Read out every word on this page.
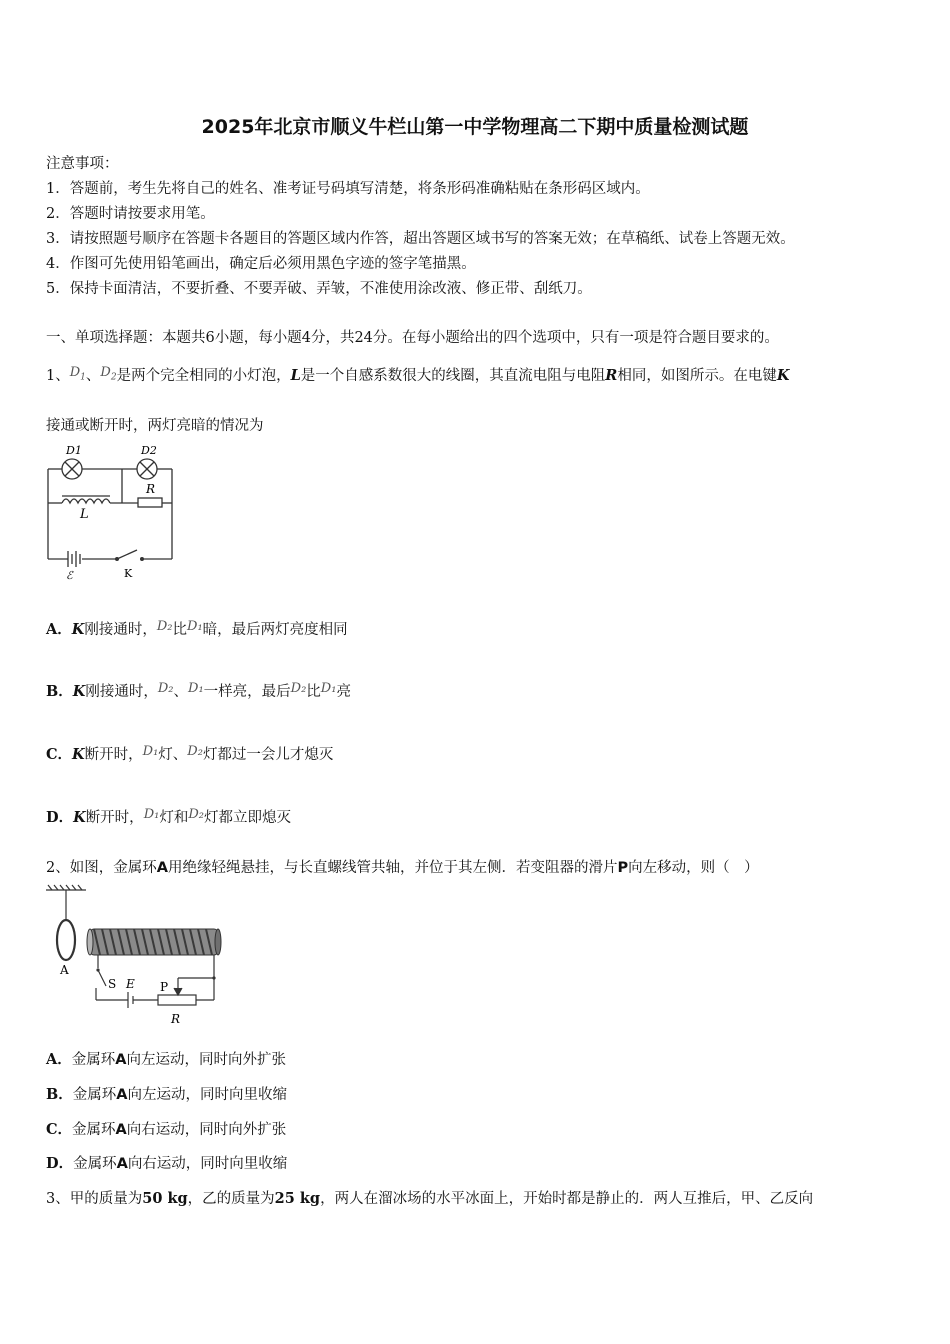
2025年北京市顺义牛栏山第一中学物理高二下期中质量检测试题
注意事项：
1．答题前，考生先将自己的姓名、准考证号码填写清楚，将条形码准确粘贴在条形码区域内。
2．答题时请按要求用笔。
3．请按照题号顺序在答题卡各题目的答题区域内作答，超出答题区域书写的答案无效；在草稿纸、试卷上答题无效。
4．作图可先使用铅笔画出，确定后必须用黑色字迹的签字笔描黑。
5．保持卡面清洁，不要折叠、不要弄破、弄皱，不准使用涂改液、修正带、刮纸刀。
一、单项选择题：本题共6小题，每小题4分，共24分。在每小题给出的四个选项中，只有一项是符合题目要求的。
1、$D_1$、$D_2$是两个完全相同的小灯泡，L是一个自感系数很大的线圈，其直流电阻与电阻R相同，如图所示。在电键K
接通或断开时，两灯亮暗的情况为
D1	D2
R
L
ℰ	K
A．K刚接通时，D₂比D₁暗，最后两灯亮度相同
B．K刚接通时，D₂、D₁一样亮，最后D₂比D₁亮
C．K断开时，D₁灯、D₂灯都过一会儿才熄灭
D．K断开时，D₁灯和D₂灯都立即熄灭
2、如图，金属环A用绝缘轻绳悬挂，与长直螺线管共轴，并位于其左侧．若变阻器的滑片P向左移动，则（　）
A
S E P
R
A．金属环A向左运动，同时向外扩张
B．金属环A向左运动，同时向里收缩
C．金属环A向右运动，同时向外扩张
D．金属环A向右运动，同时向里收缩
3、甲的质量为50 kg，乙的质量为25 kg，两人在溜冰场的水平冰面上，开始时都是静止的．两人互推后，甲、乙反向
